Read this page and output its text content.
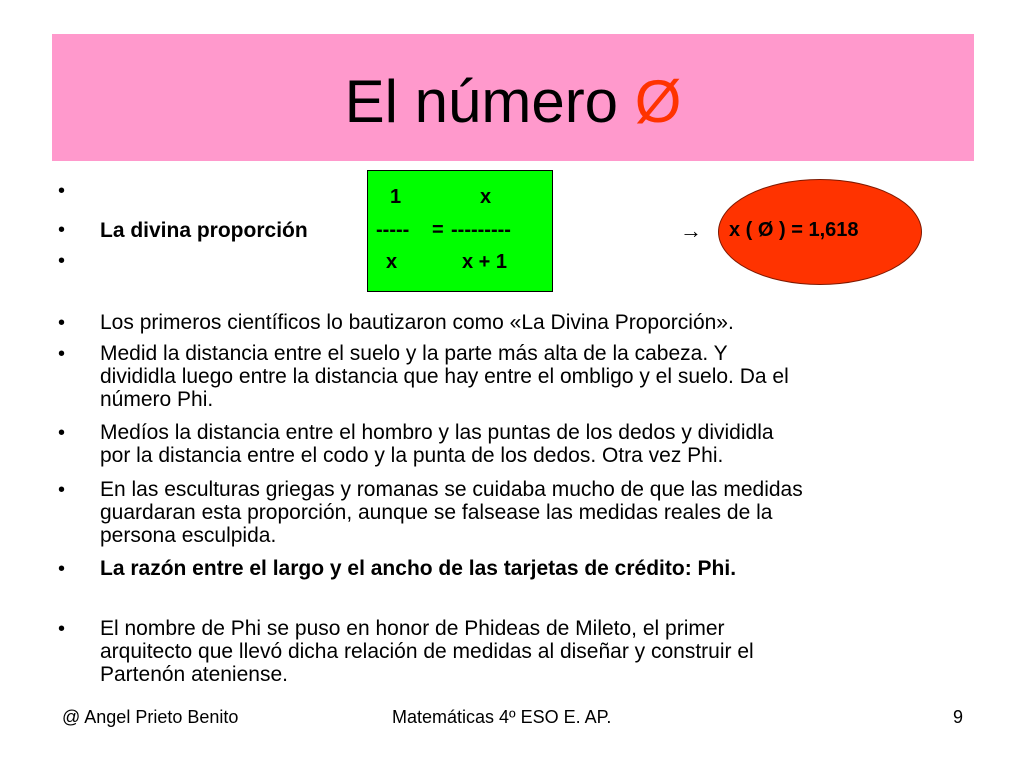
El número Ø
•
•
•
La divina proporción
1	x
----- = ---------
x	x + 1
→ x ( Ø ) = 1,618
• Los primeros científicos lo bautizaron como «La Divina Proporción».
• Medid la distancia entre el suelo y la parte más alta de la cabeza. Y
divididla luego entre la distancia que hay entre el ombligo y el suelo. Da el
número Phi.
• Medíos la distancia entre el hombro y las puntas de los dedos y divididla
por la distancia entre el codo y la punta de los dedos. Otra vez Phi.
• En las esculturas griegas y romanas se cuidaba mucho de que las medidas
guardaran esta proporción, aunque se falsease las medidas reales de la
persona esculpida.
• La razón entre el largo y el ancho de las tarjetas de crédito: Phi.
• El nombre de Phi se puso en honor de Phideas de Mileto, el primer
arquitecto que llevó dicha relación de medidas al diseñar y construir el
Partenón ateniense.
@ Angel Prieto Benito	Matemáticas 4º ESO E. AP.	9
